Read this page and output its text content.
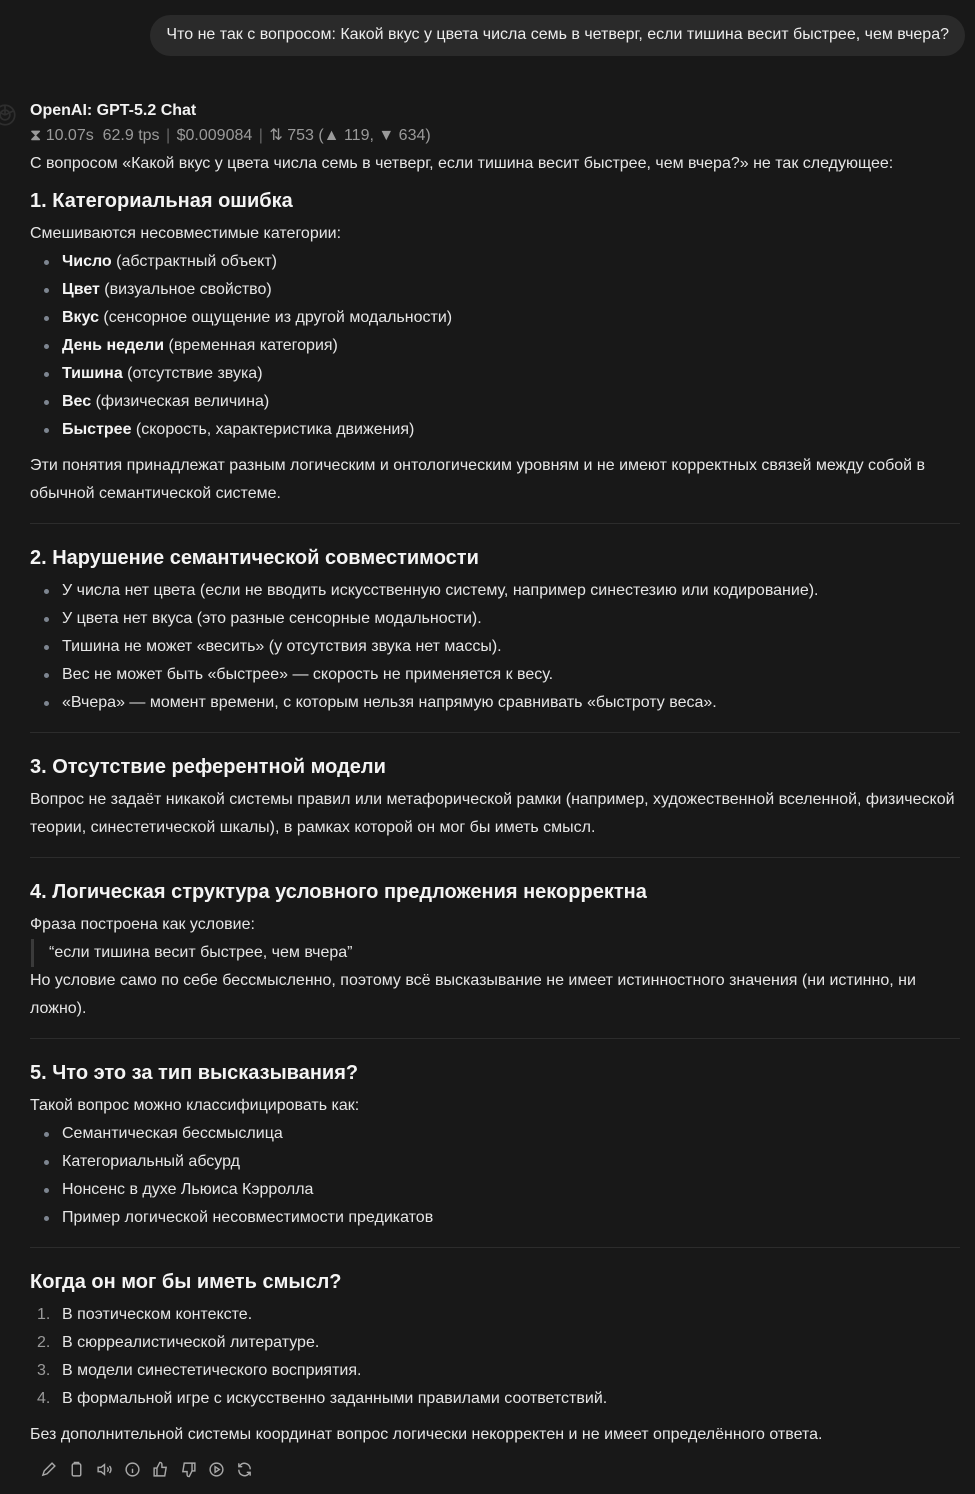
Что не так с вопросом: Какой вкус у цвета числа семь в четверг, если тишина весит быстрее, чем вчера?
OpenAI: GPT-5.2 Chat
⧗ 10.07s 62.9 tps | $0.009084 | ⇅ 753 (▲ 119, ▼ 634)

С вопросом «Какой вкус у цвета числа семь в четверг, если тишина весит быстрее, чем вчера?» не так следующее:

1. Категориальная ошибка

Смешиваются несовместимые категории:

Число (абстрактный объект)
Цвет (визуальное свойство)
Вкус (сенсорное ощущение из другой модальности)
День недели (временная категория)
Тишина (отсутствие звука)
Вес (физическая величина)
Быстрее (скорость, характеристика движения)

Эти понятия принадлежат разным логическим и онтологическим уровням и не имеют корректных связей между собой в обычной семантической системе.

2. Нарушение семантической совместимости
У числа нет цвета (если не вводить искусственную систему, например синестезию или кодирование).
У цвета нет вкуса (это разные сенсорные модальности).
Тишина не может «весить» (у отсутствия звука нет массы).
Вес не может быть «быстрее» — скорость не применяется к весу.
«Вчера» — момент времени, с которым нельзя напрямую сравнивать «быстроту веса».
3. Отсутствие референтной модели

Вопрос не задаёт никакой системы правил или метафорической рамки (например, художественной вселенной, физической теории, синестетической шкалы), в рамках которой он мог бы иметь смысл.

4. Логическая структура условного предложения некорректна

Фраза построена как условие:

“если тишина весит быстрее, чем вчера”

Но условие само по себе бессмысленно, поэтому всё высказывание не имеет истинностного значения (ни истинно, ни ложно).

5. Что это за тип высказывания?

Такой вопрос можно классифицировать как:

Семантическая бессмыслица
Категориальный абсурд
Нонсенс в духе Льюиса Кэрролла
Пример логической несовместимости предикатов
Когда он мог бы иметь смысл?
1. В поэтическом контексте.
2. В сюрреалистической литературе.
3. В модели синестетического восприятия.
4. В формальной игре с искусственно заданными правилами соответствий.

Без дополнительной системы координат вопрос логически некорректен и не имеет определённого ответа.
